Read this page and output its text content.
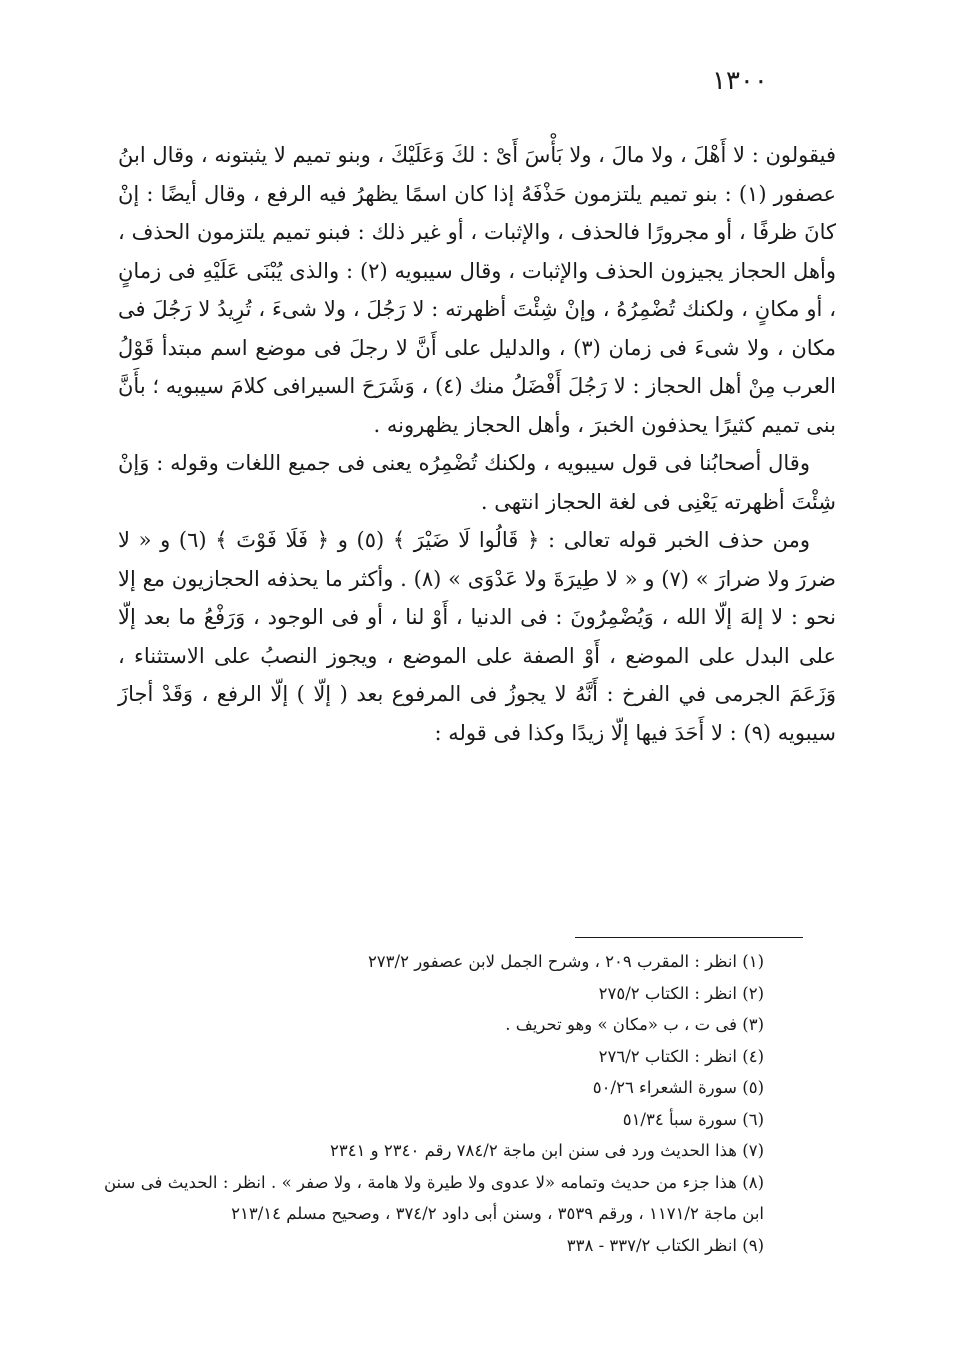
١٣٠٠

فيقولون : لا أَهْلَ ، ولا مالَ ، ولا بَأْسَ أَىْ : لكَ وَعَلَيْكَ ، وبنو تميم لا يثبتونه ، وقال ابنُ عصفور (١) : بنو تميم يلتزمون حَذْفَهُ إذا كان اسمًا يظهرُ فيه الرفع ، وقال أيضًا : إنْ كانَ ظرفًا ، أو مجرورًا فالحذف ، والإثبات ، أو غير ذلك : فبنو تميم يلتزمون الحذف ، وأهل الحجاز يجيزون الحذف والإثبات ، وقال سيبويه (٢) : والذى يُبْنَى عَلَيْهِ فى زمانٍ ، أو مكانٍ ، ولكنك تُضْمِرُهُ ، وإنْ شِئْتَ أظهرته : لا رَجُلَ ، ولا شىءَ ، تُرِيدُ لا رَجُلَ فى مكان ، ولا شىءَ فى زمان (٣) ، والدليل على أَنَّ لا رجلَ فى موضع اسم مبتدأ قَوْلُ العرب مِنْ أهل الحجاز : لا رَجُلَ أَفْضَلُ منك (٤) ، وَشَرَحَ السيرافى كلامَ سيبويه ؛ بأَنَّ بنى تميم كثيرًا يحذفون الخبرَ ، وأهل الحجاز يظهرونه .

وقال أصحابُنا فى قول سيبويه ، ولكنك تُضْمِرُه يعنى فى جميع اللغات وقوله : وَإنْ شِئْتَ أظهرته يَعْنِى فى لغة الحجاز انتهى .

ومن حذف الخبر قوله تعالى : ﴿ قَالُوا لَا ضَيْرَ ﴾ (٥) و ﴿ فَلَا فَوْتَ ﴾ (٦) و « لا ضررَ ولا ضرارَ » (٧) و « لا طِيرَةَ ولا عَدْوَى » (٨) . وأكثر ما يحذفه الحجازيون مع إلا نحو : لا إلهَ إلّا الله ، وَيُضْمِرُونَ : فى الدنيا ، أَوْ لنا ، أو فى الوجود ، وَرَفْعُ ما بعد إلّا على البدل على الموضع ، أَوْ الصفة على الموضع ، ويجوز النصبُ على الاستثناء ، وَزَعَمَ الجرمى في الفرخ : أَنَّهُ لا يجوزُ فى المرفوع بعد ( إلّا ) إلّا الرفع ، وَقَدْ أجازَ سيبويه (٩) : لا أَحَدَ فيها إلّا زيدًا وكذا فى قوله :

(١) انظر : المقرب ٢٠٩ ، وشرح الجمل لابن عصفور ٢٧٣/٢

(٢) انظر : الكتاب ٢٧٥/٢

(٣) فى ت ، ب «مكان » وهو تحريف .

(٤) انظر : الكتاب ٢٧٦/٢

(٥) سورة الشعراء ٥٠/٢٦

(٦) سورة سبأ ٥١/٣٤

(٧) هذا الحديث ورد فى سنن ابن ماجة ٧٨٤/٢ رقم ٢٣٤٠ و ٢٣٤١

(٨) هذا جزء من حديث وتمامه «لا عدوى ولا طيرة ولا هامة ، ولا صفر » . انظر : الحديث فى سنن ابن ماجة ١١٧١/٢ ، ورقم ٣٥٣٩ ، وسنن أبى داود ٣٧٤/٢ ، وصحيح مسلم ٢١٣/١٤

(٩) انظر الكتاب ٣٣٧/٢ - ٣٣٨
